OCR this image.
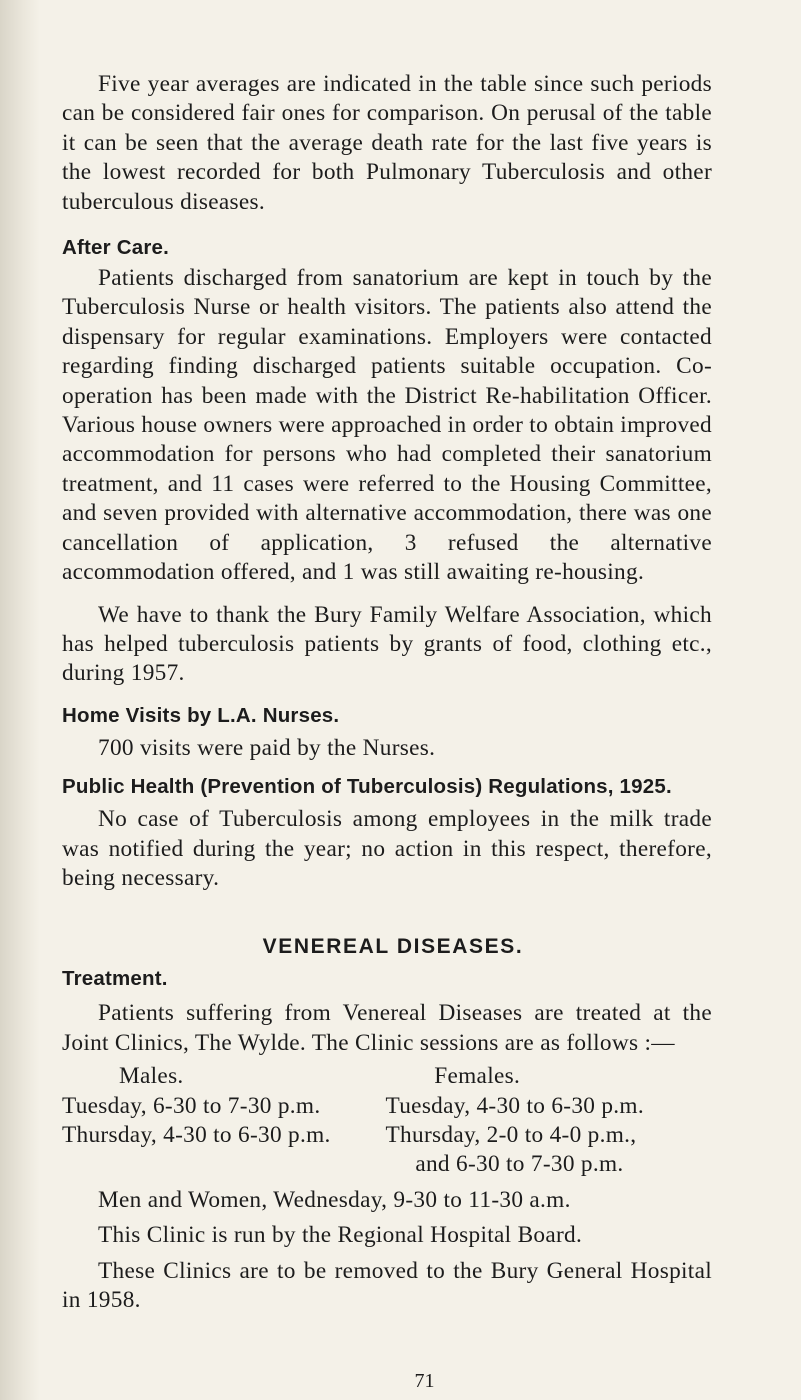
Five year averages are indicated in the table since such periods can be considered fair ones for comparison. On perusal of the table it can be seen that the average death rate for the last five years is the lowest recorded for both Pulmonary Tuberculosis and other tuberculous diseases.

After Care.

Patients discharged from sanatorium are kept in touch by the Tuberculosis Nurse or health visitors. The patients also attend the dispensary for regular examinations. Employers were contacted regarding finding discharged patients suitable occupation. Co-operation has been made with the District Re-habilitation Officer. Various house owners were approached in order to obtain improved accommodation for persons who had completed their sanatorium treatment, and 11 cases were referred to the Housing Committee, and seven provided with alternative accommodation, there was one cancellation of application, 3 refused the alternative accommodation offered, and 1 was still awaiting re-housing.

We have to thank the Bury Family Welfare Association, which has helped tuberculosis patients by grants of food, clothing etc., during 1957.

Home Visits by L.A. Nurses.

700 visits were paid by the Nurses.

Public Health (Prevention of Tuberculosis) Regulations, 1925.

No case of Tuberculosis among employees in the milk trade was notified during the year; no action in this respect, therefore, being necessary.

VENEREAL DISEASES.
Treatment.

Patients suffering from Venereal Diseases are treated at the Joint Clinics, The Wylde. The Clinic sessions are as follows :—

Males.	Females.
Tuesday, 6-30 to 7-30 p.m.	Tuesday, 4-30 to 6-30 p.m.
Thursday, 4-30 to 6-30 p.m.	Thursday, 2-0 to 4-0 p.m.,
and 6-30 to 7-30 p.m.

Men and Women, Wednesday, 9-30 to 11-30 a.m.

This Clinic is run by the Regional Hospital Board.

These Clinics are to be removed to the Bury General Hospital in 1958.

71
